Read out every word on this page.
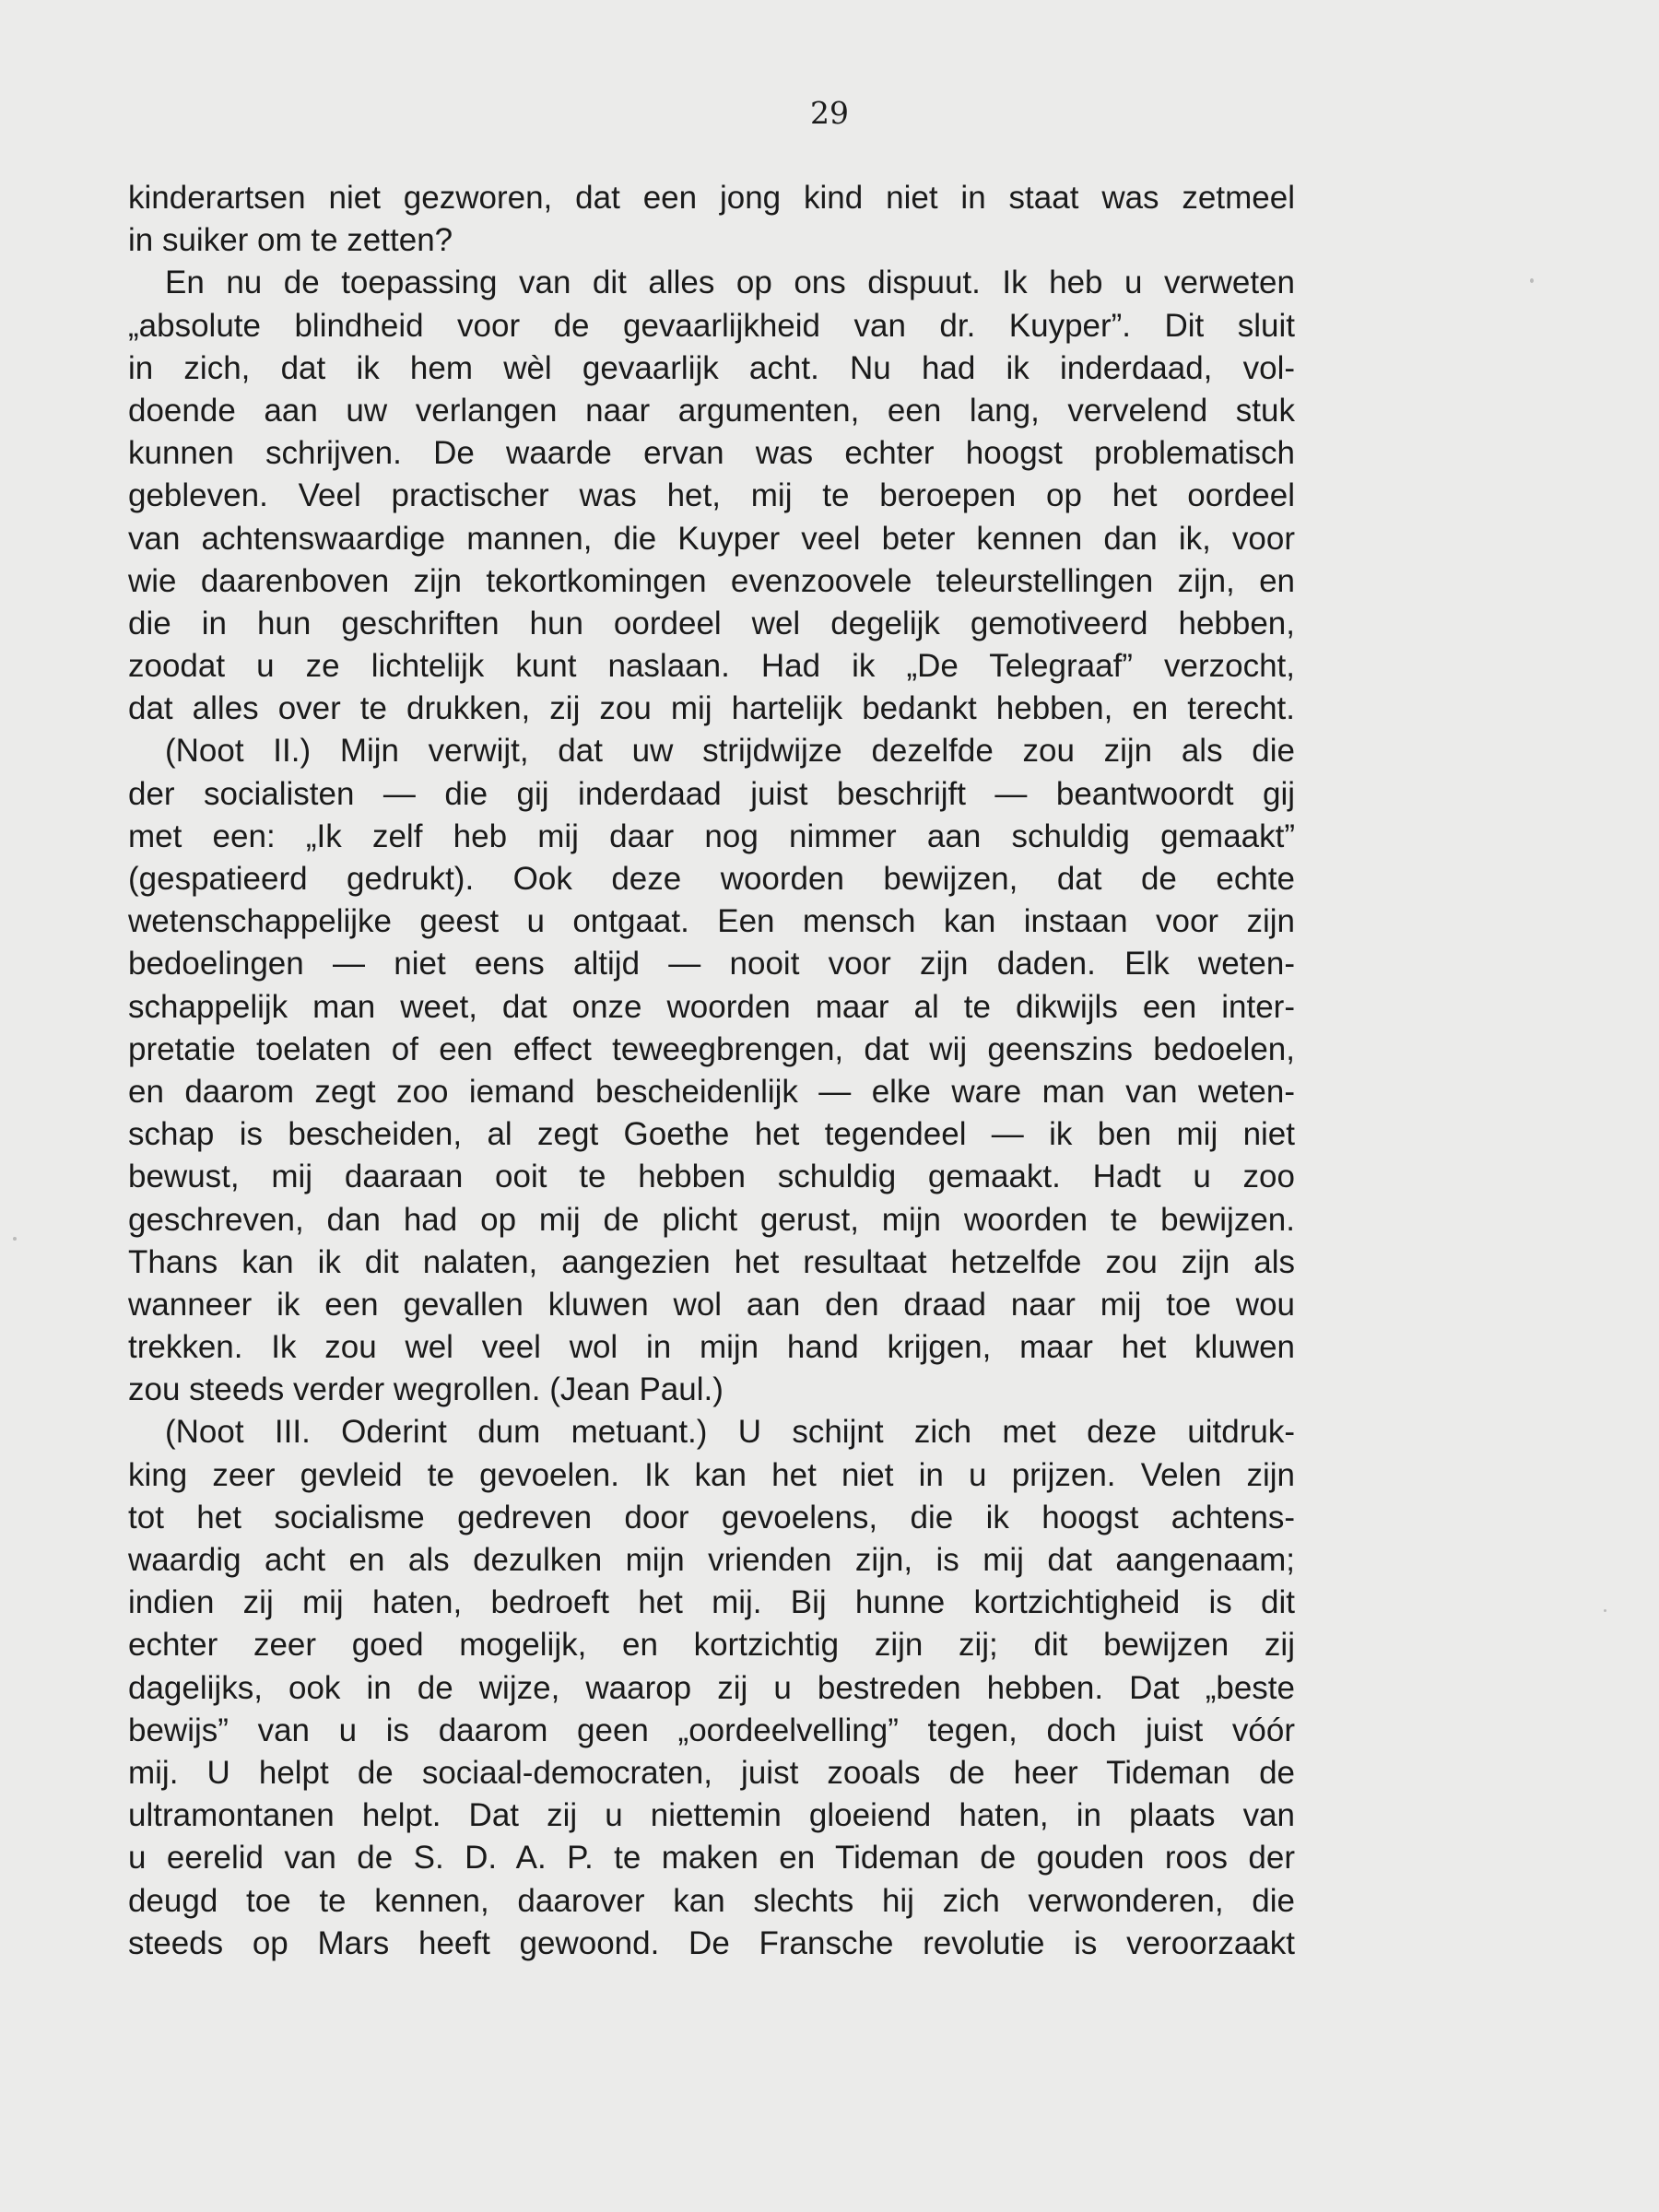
29
kinderartsen niet gezworen, dat een jong kind niet in staat was zetmeel
in suiker om te zetten?
En nu de toepassing van dit alles op ons dispuut. Ik heb u verweten
„absolute blindheid voor de gevaarlijkheid van dr. Kuyper”. Dit sluit
in zich, dat ik hem wèl gevaarlijk acht. Nu had ik inderdaad, vol-
doende aan uw verlangen naar argumenten, een lang, vervelend stuk
kunnen schrijven. De waarde ervan was echter hoogst problematisch
gebleven. Veel practischer was het, mij te beroepen op het oordeel
van achtenswaardige mannen, die Kuyper veel beter kennen dan ik, voor
wie daarenboven zijn tekortkomingen evenzoovele teleurstellingen zijn, en
die in hun geschriften hun oordeel wel degelijk gemotiveerd hebben,
zoodat u ze lichtelijk kunt naslaan. Had ik „De Telegraaf” verzocht,
dat alles over te drukken, zij zou mij hartelijk bedankt hebben, en terecht.
(Noot II.) Mijn verwijt, dat uw strijdwijze dezelfde zou zijn als die
der socialisten — die gij inderdaad juist beschrijft — beantwoordt gij
met een: „Ik zelf heb mij daar nog nimmer aan schuldig gemaakt”
(gespatieerd gedrukt). Ook deze woorden bewijzen, dat de echte
wetenschappelijke geest u ontgaat. Een mensch kan instaan voor zijn
bedoelingen — niet eens altijd — nooit voor zijn daden. Elk weten-
schappelijk man weet, dat onze woorden maar al te dikwijls een inter-
pretatie toelaten of een effect teweegbrengen, dat wij geenszins bedoelen,
en daarom zegt zoo iemand bescheidenlijk — elke ware man van weten-
schap is bescheiden, al zegt Goethe het tegendeel — ik ben mij niet
bewust, mij daaraan ooit te hebben schuldig gemaakt. Hadt u zoo
geschreven, dan had op mij de plicht gerust, mijn woorden te bewijzen.
Thans kan ik dit nalaten, aangezien het resultaat hetzelfde zou zijn als
wanneer ik een gevallen kluwen wol aan den draad naar mij toe wou
trekken. Ik zou wel veel wol in mijn hand krijgen, maar het kluwen
zou steeds verder wegrollen. (Jean Paul.)
(Noot III. Oderint dum metuant.) U schijnt zich met deze uitdruk-
king zeer gevleid te gevoelen. Ik kan het niet in u prijzen. Velen zijn
tot het socialisme gedreven door gevoelens, die ik hoogst achtens-
waardig acht en als dezulken mijn vrienden zijn, is mij dat aangenaam;
indien zij mij haten, bedroeft het mij. Bij hunne kortzichtigheid is dit
echter zeer goed mogelijk, en kortzichtig zijn zij; dit bewijzen zij
dagelijks, ook in de wijze, waarop zij u bestreden hebben. Dat „beste
bewijs” van u is daarom geen „oordeelvelling” tegen, doch juist vóór
mij. U helpt de sociaal-democraten, juist zooals de heer Tideman de
ultramontanen helpt. Dat zij u niettemin gloeiend haten, in plaats van
u eerelid van de S. D. A. P. te maken en Tideman de gouden roos der
deugd toe te kennen, daarover kan slechts hij zich verwonderen, die
steeds op Mars heeft gewoond. De Fransche revolutie is veroorzaakt
